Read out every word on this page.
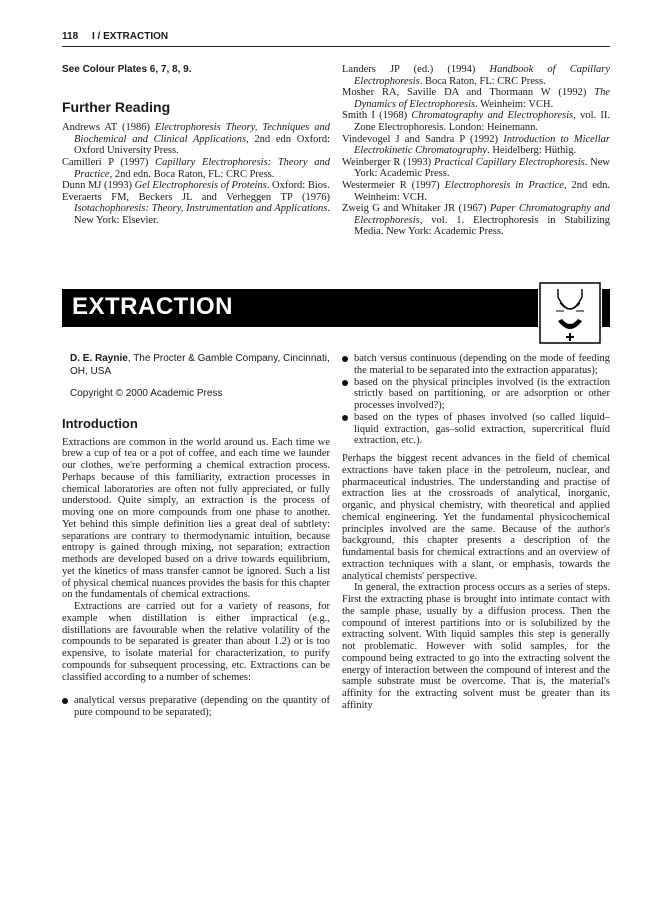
118 I / EXTRACTION

See Colour Plates 6, 7, 8, 9.

Further Reading

Andrews AT (1986) Electrophoresis Theory, Techniques and Biochemical and Clinical Applications, 2nd edn Oxford: Oxford University Press.

Camilleri P (1997) Capillary Electrophoresis: Theory and Practice, 2nd edn. Boca Raton, FL: CRC Press.

Dunn MJ (1993) Gel Electrophoresis of Proteins. Oxford: Bios.

Everaerts FM, Beckers JL and Verheggen TP (1976) Isotachophoresis: Theory, Instrumentation and Applications. New York: Elsevier.

Landers JP (ed.) (1994) Handbook of Capillary Electrophoresis. Boca Raton, FL: CRC Press.

Mosher RA, Saville DA and Thormann W (1992) The Dynamics of Electrophoresis. Weinheim: VCH.

Smith I (1968) Chromatography and Electrophoresis, vol. II. Zone Electrophoresis. London: Heinemann.

Vindevogel J and Sandra P (1992) Introduction to Micellar Electrokinetic Chromatography. Heidelberg: Hüthig.

Weinberger R (1993) Practical Capillary Electrophoresis. New York: Academic Press.

Westermeier R (1997) Electrophoresis in Practice, 2nd edn. Weinheim: VCH.

Zweig G and Whitaker JR (1967) Paper Chromatography and Electrophoresis, vol. 1. Electrophoresis in Stabilizing Media. New York: Academic Press.

EXTRACTION

D. E. Raynie, The Procter & Gamble Company, Cincinnati, OH, USA

Copyright © 2000 Academic Press

Introduction

Extractions are common in the world around us. Each time we brew a cup of tea or a pot of coffee, and each time we launder our clothes, we're performing a chemical extraction process. Perhaps because of this familiarity, extraction processes in chemical laboratories are often not fully appreciated, or fully understood. Quite simply, an extraction is the process of moving one on more compounds from one phase to another. Yet behind this simple definition lies a great deal of subtlety: separations are contrary to thermodynamic intuition, because entropy is gained through mixing, not separation; extraction methods are developed based on a drive towards equilibrium, yet the kinetics of mass transfer cannot be ignored. Such a list of physical chemical nuances provides the basis for this chapter on the fundamentals of chemical extractions.

Extractions are carried out for a variety of reasons, for example when distillation is either impractical (e.g., distillations are favourable when the relative volatility of the compounds to be separated is greater than about 1.2) or is too expensive, to isolate material for characterization, to purify compounds for subsequent processing, etc. Extractions can be classified according to a number of schemes:

analytical versus preparative (depending on the quantity of pure compound to be separated);

batch versus continuous (depending on the mode of feeding the material to be separated into the extraction apparatus);

based on the physical principles involved (is the extraction strictly based on partitioning, or are adsorption or other processes involved?);

based on the types of phases involved (so called liquid–liquid extraction, gas–solid extraction, supercritical fluid extraction, etc.).

Perhaps the biggest recent advances in the field of chemical extractions have taken place in the petroleum, nuclear, and pharmaceutical industries. The understanding and practise of extraction lies at the crossroads of analytical, inorganic, organic, and physical chemistry, with theoretical and applied chemical engineering. Yet the fundamental physicochemical principles involved are the same. Because of the author's background, this chapter presents a description of the fundamental basis for chemical extractions and an overview of extraction techniques with a slant, or emphasis, towards the analytical chemists' perspective.

In general, the extraction process occurs as a series of steps. First the extracting phase is brought into intimate contact with the sample phase, usually by a diffusion process. Then the compound of interest partitions into or is solubilized by the extracting solvent. With liquid samples this step is generally not problematic. However with solid samples, for the compound being extracted to go into the extracting solvent the energy of interaction between the compound of interest and the sample substrate must be overcome. That is, the material's affinity for the extracting solvent must be greater than its affinity
